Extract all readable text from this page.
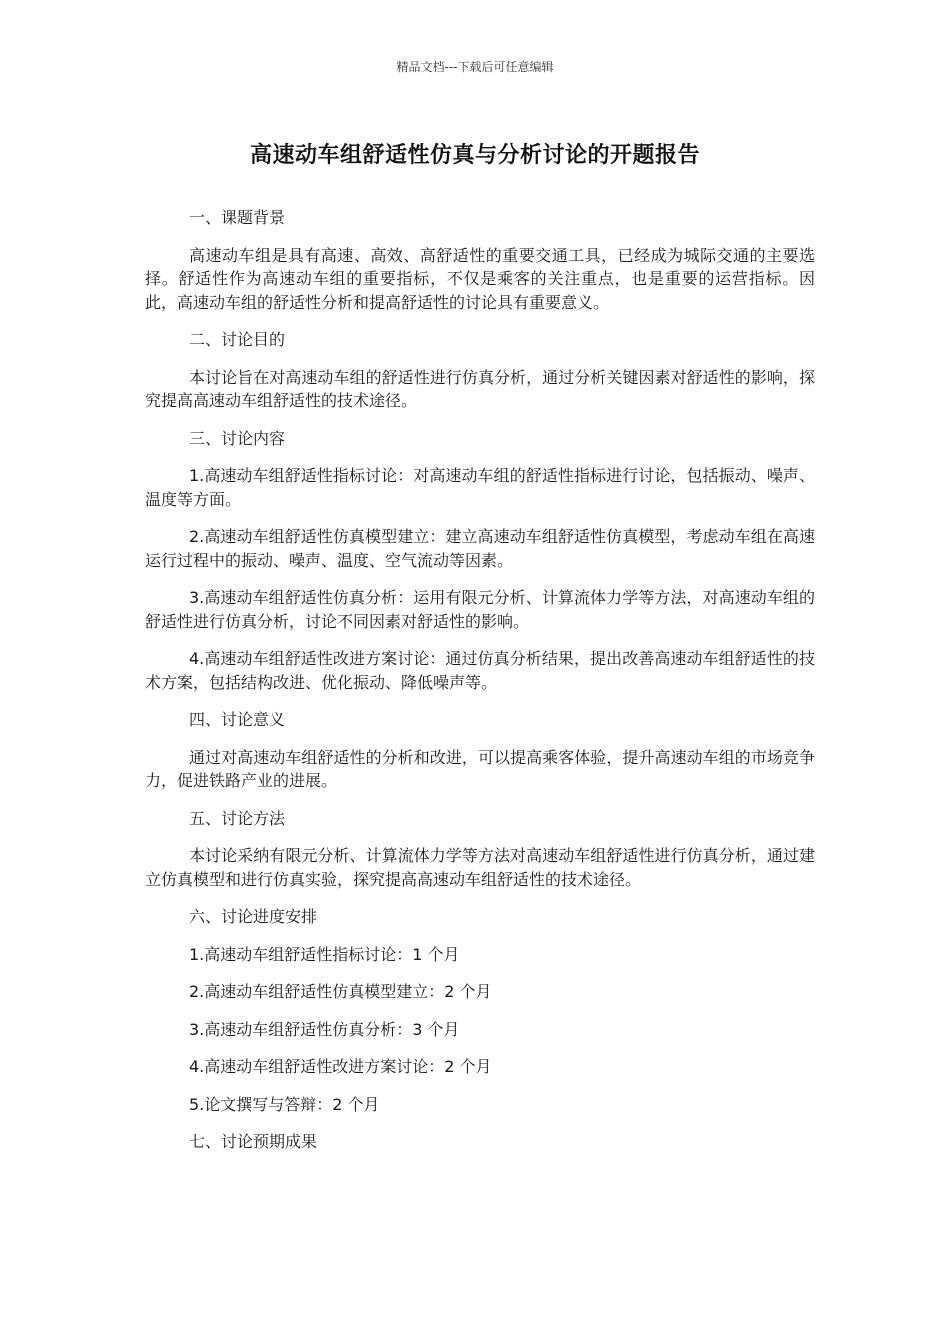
精品文档---下载后可任意编辑
高速动车组舒适性仿真与分析讨论的开题报告
一、课题背景
高速动车组是具有高速、高效、高舒适性的重要交通工具，已经成为城际交通的主要选择。舒适性作为高速动车组的重要指标，不仅是乘客的关注重点，也是重要的运营指标。因此，高速动车组的舒适性分析和提高舒适性的讨论具有重要意义。
二、讨论目的
本讨论旨在对高速动车组的舒适性进行仿真分析，通过分析关键因素对舒适性的影响，探究提高高速动车组舒适性的技术途径。
三、讨论内容
1.高速动车组舒适性指标讨论：对高速动车组的舒适性指标进行讨论，包括振动、噪声、温度等方面。
2.高速动车组舒适性仿真模型建立：建立高速动车组舒适性仿真模型，考虑动车组在高速运行过程中的振动、噪声、温度、空气流动等因素。
3.高速动车组舒适性仿真分析：运用有限元分析、计算流体力学等方法，对高速动车组的舒适性进行仿真分析，讨论不同因素对舒适性的影响。
4.高速动车组舒适性改进方案讨论：通过仿真分析结果，提出改善高速动车组舒适性的技术方案，包括结构改进、优化振动、降低噪声等。
四、讨论意义
通过对高速动车组舒适性的分析和改进，可以提高乘客体验，提升高速动车组的市场竞争力，促进铁路产业的进展。
五、讨论方法
本讨论采纳有限元分析、计算流体力学等方法对高速动车组舒适性进行仿真分析，通过建立仿真模型和进行仿真实验，探究提高高速动车组舒适性的技术途径。
六、讨论进度安排
1.高速动车组舒适性指标讨论：1 个月
2.高速动车组舒适性仿真模型建立：2 个月
3.高速动车组舒适性仿真分析：3 个月
4.高速动车组舒适性改进方案讨论：2 个月
5.论文撰写与答辩：2 个月
七、讨论预期成果
